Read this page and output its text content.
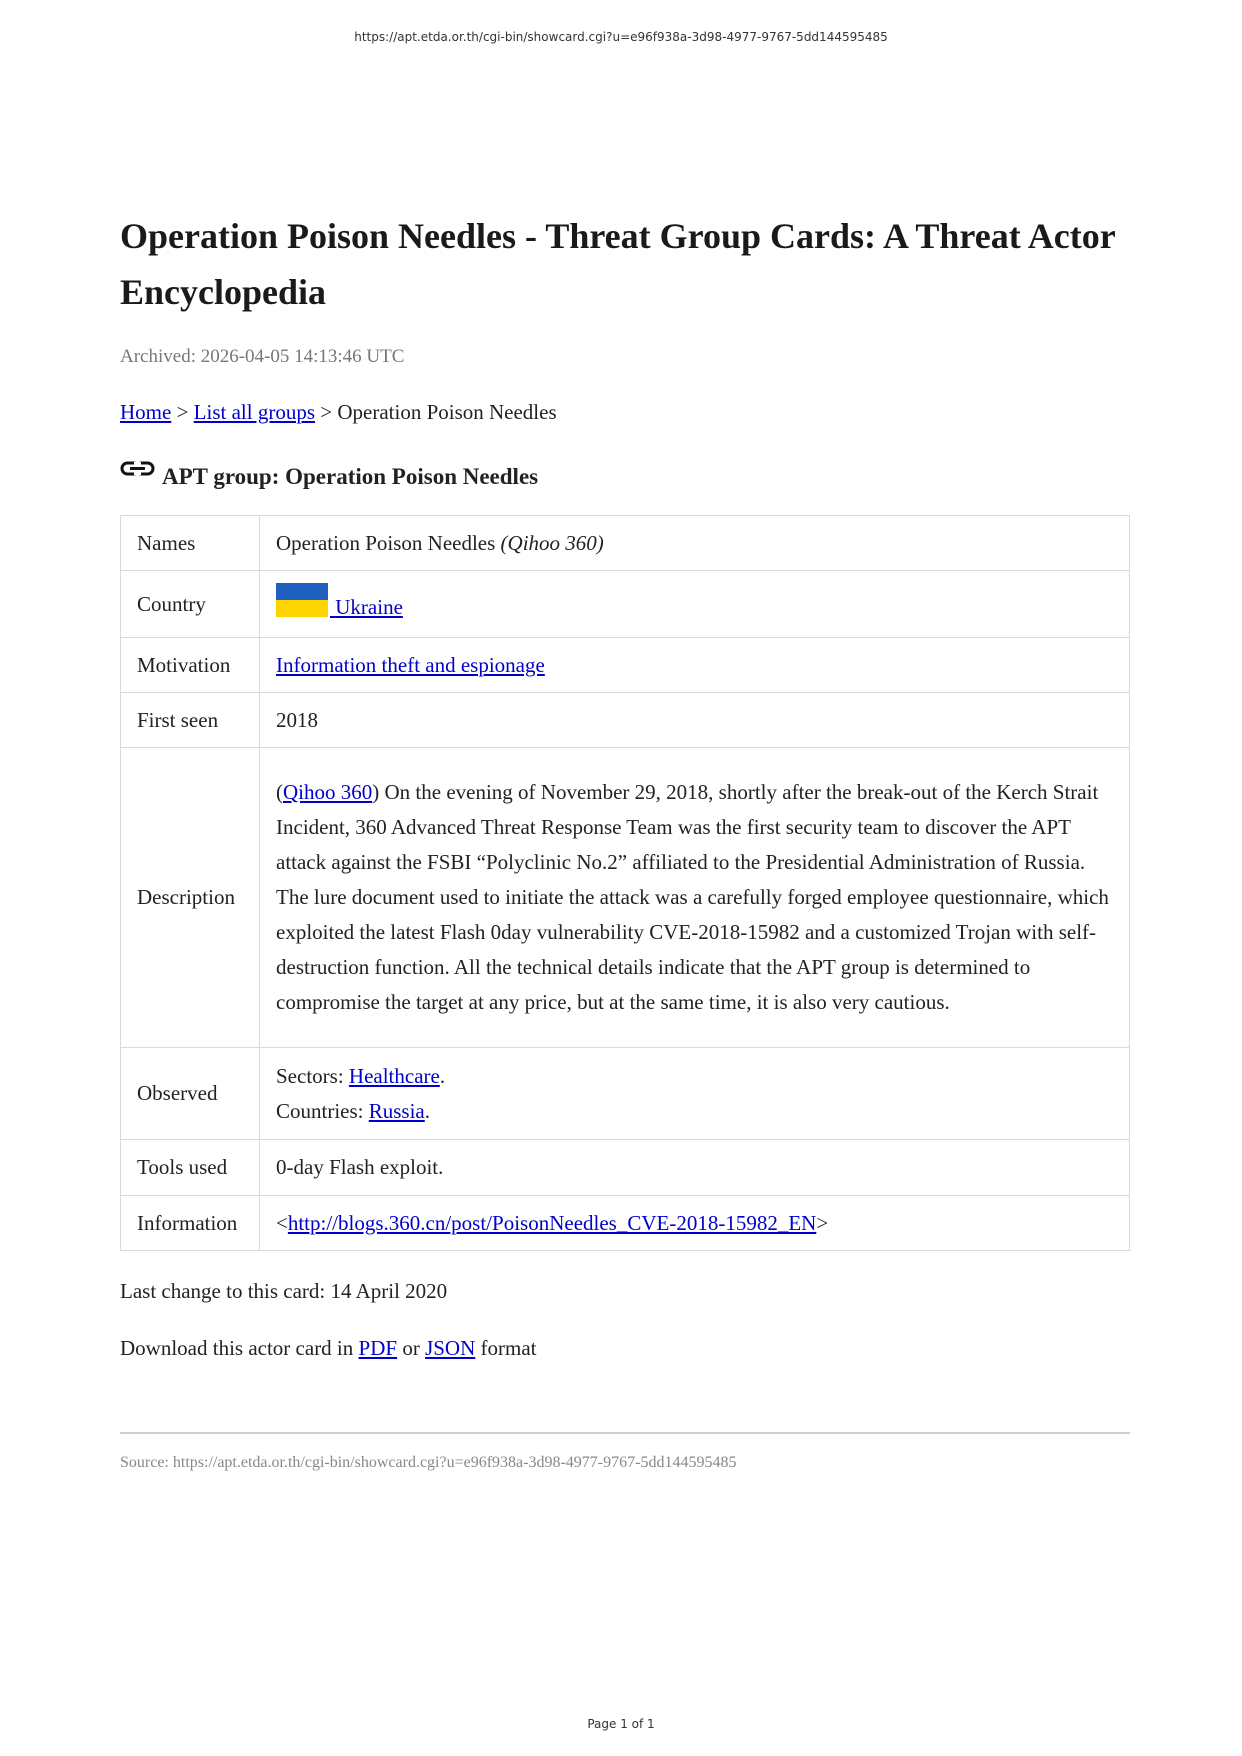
https://apt.etda.or.th/cgi-bin/showcard.cgi?u=e96f938a-3d98-4977-9767-5dd144595485
Operation Poison Needles - Threat Group Cards: A Threat Actor Encyclopedia
Archived: 2026-04-05 14:13:46 UTC
Home > List all groups > Operation Poison Needles
APT group: Operation Poison Needles
Names	Operation Poison Needles (Qihoo 360)
Country	Ukraine
Motivation	Information theft and espionage
First seen	2018
Description	(Qihoo 360) On the evening of November 29, 2018, shortly after the break-out of the Kerch Strait Incident, 360 Advanced Threat Response Team was the first security team to discover the APT attack against the FSBI “Polyclinic No.2” affiliated to the Presidential Administration of Russia. The lure document used to initiate the attack was a carefully forged employee questionnaire, which exploited the latest Flash 0day vulnerability CVE-2018-15982 and a customized Trojan with self-destruction function. All the technical details indicate that the APT group is determined to compromise the target at any price, but at the same time, it is also very cautious.
Observed	Sectors: Healthcare.
Countries: Russia.

Tools used	0-day Flash exploit.
Information	<http://blogs.360.cn/post/PoisonNeedles_CVE-2018-15982_EN>
Last change to this card: 14 April 2020
Download this actor card in PDF or JSON format
Source: https://apt.etda.or.th/cgi-bin/showcard.cgi?u=e96f938a-3d98-4977-9767-5dd144595485
Page 1 of 1
